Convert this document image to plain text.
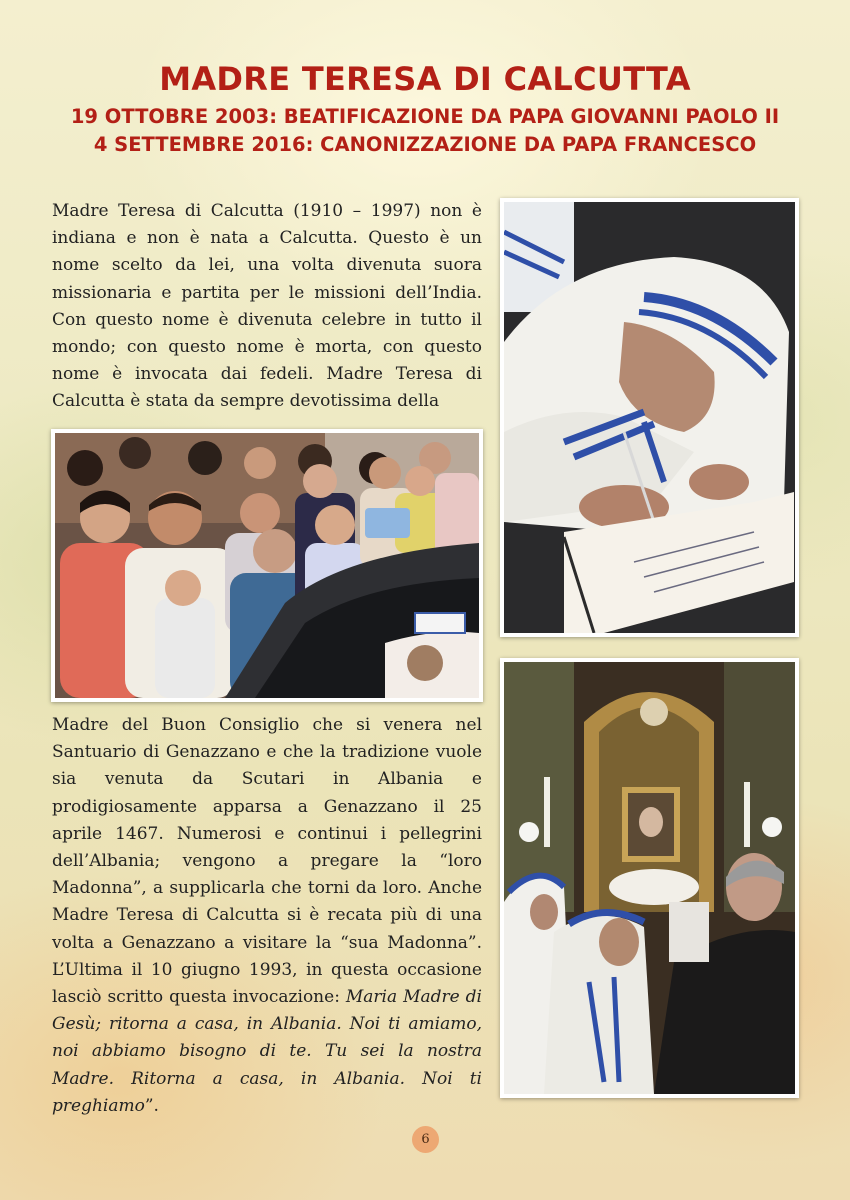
MADRE TERESA DI CALCUTTA
19 OTTOBRE 2003: BEATIFICAZIONE DA PAPA GIOVANNI PAOLO II
4 SETTEMBRE 2016: CANONIZZAZIONE DA PAPA FRANCESCO

Madre Teresa di Calcutta (1910 – 1997) non è indiana e non è nata a Calcutta. Questo è un nome scelto da lei, una volta divenuta suora missionaria e partita per le missioni dell’India. Con questo nome è divenuta celebre in tutto il mondo; con questo nome è morta, con questo nome è invocata dai fedeli. Madre Teresa di Calcutta è stata da sempre devotissima della

Madre del Buon Consiglio che si venera nel Santuario di Genazzano e che la tradizione vuole sia venuta da Scutari in Albania e prodigiosamente apparsa a Genazzano il 25 aprile 1467. Numerosi e continui i pellegrini dell’Albania; vengono a pregare la “loro Madonna”, a supplicarla che torni da loro. Anche Madre Teresa di Calcutta si è recata più di una volta a Genazzano a visitare la “sua Madonna”. L’Ultima il 10 giugno 1993, in questa occasione lasciò scritto questa invocazione: Maria Madre di Gesù; ritorna a casa, in Albania. Noi ti amiamo, noi abbiamo bisogno di te. Tu sei la nostra Madre. Ritorna a casa, in Albania. Noi ti preghiamo”.

6
